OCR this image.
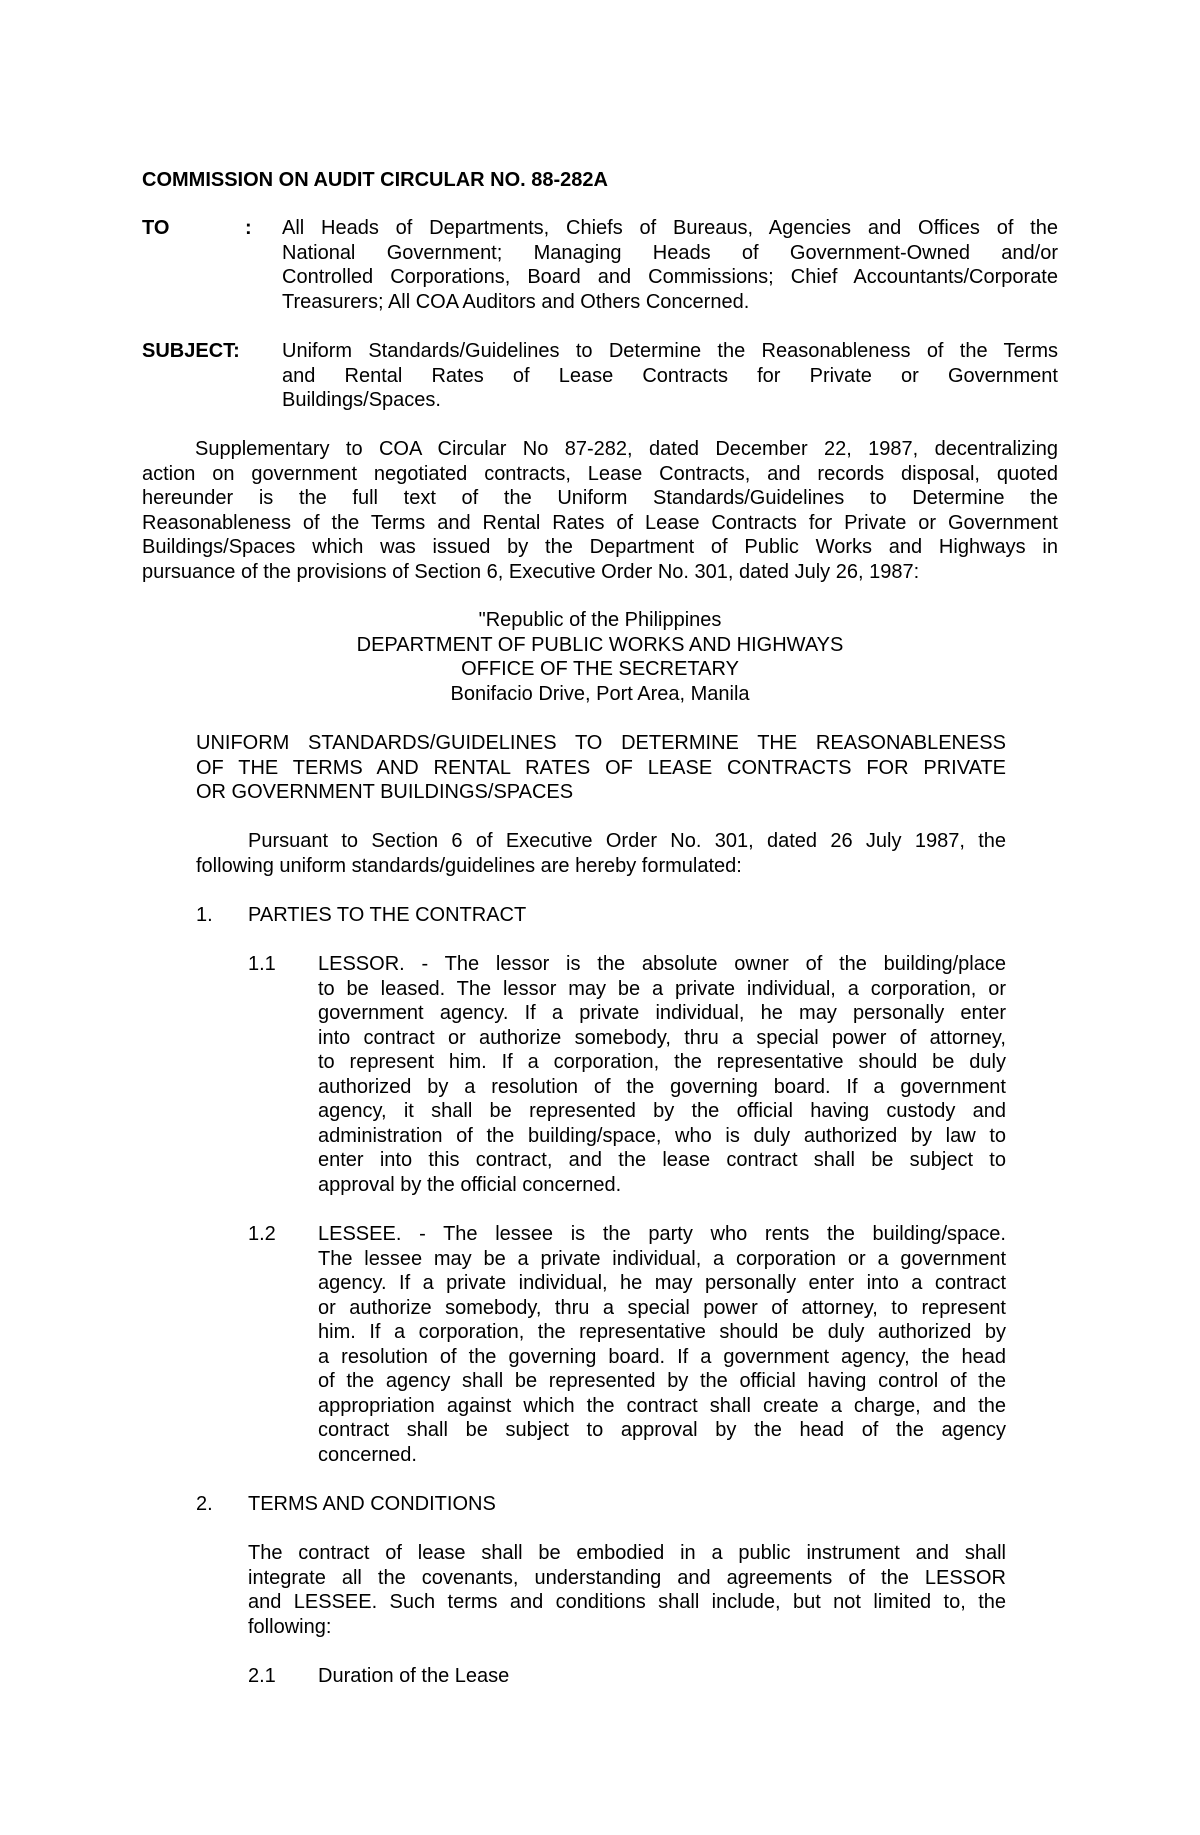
COMMISSION ON AUDIT CIRCULAR NO. 88-282A

TO	: All Heads of Departments, Chiefs of Bureaus, Agencies and Offices of the
National Government; Managing Heads of Government-Owned and/or
Controlled Corporations, Board and Commissions; Chief Accountants/Corporate
Treasurers; All COA Auditors and Others Concerned.

SUBJECT: Uniform Standards/Guidelines to Determine the Reasonableness of the Terms
and Rental Rates of Lease Contracts for Private or Government
Buildings/Spaces.
Supplementary to COA Circular No 87-282, dated December 22, 1987, decentralizing
action on government negotiated contracts, Lease Contracts, and records disposal, quoted
hereunder is the full text of the Uniform Standards/Guidelines to Determine the
Reasonableness of the Terms and Rental Rates of Lease Contracts for Private or Government
Buildings/Spaces which was issued by the Department of Public Works and Highways in
pursuance of the provisions of Section 6, Executive Order No. 301, dated July 26, 1987:
"Republic of the Philippines
DEPARTMENT OF PUBLIC WORKS AND HIGHWAYS
OFFICE OF THE SECRETARY
Bonifacio Drive, Port Area, Manila
UNIFORM STANDARDS/GUIDELINES TO DETERMINE THE REASONABLENESS
OF THE TERMS AND RENTAL RATES OF LEASE CONTRACTS FOR PRIVATE
OR GOVERNMENT BUILDINGS/SPACES
Pursuant to Section 6 of Executive Order No. 301, dated 26 July 1987, the
following uniform standards/guidelines are hereby formulated:

1. PARTIES TO THE CONTRACT

1.1 LESSOR. - The lessor is the absolute owner of the building/place
to be leased. The lessor may be a private individual, a corporation, or
government agency. If a private individual, he may personally enter
into contract or authorize somebody, thru a special power of attorney,
to represent him. If a corporation, the representative should be duly
authorized by a resolution of the governing board. If a government
agency, it shall be represented by the official having custody and
administration of the building/space, who is duly authorized by law to
enter into this contract, and the lease contract shall be subject to
approval by the official concerned.

1.2 LESSEE. - The lessee is the party who rents the building/space.
The lessee may be a private individual, a corporation or a government
agency. If a private individual, he may personally enter into a contract
or authorize somebody, thru a special power of attorney, to represent
him. If a corporation, the representative should be duly authorized by
a resolution of the governing board. If a government agency, the head
of the agency shall be represented by the official having control of the
appropriation against which the contract shall create a charge, and the
contract shall be subject to approval by the head of the agency
concerned.

2. TERMS AND CONDITIONS

The contract of lease shall be embodied in a public instrument and shall
integrate all the covenants, understanding and agreements of the LESSOR
and LESSEE. Such terms and conditions shall include, but not limited to, the
following:

2.1 Duration of the Lease
